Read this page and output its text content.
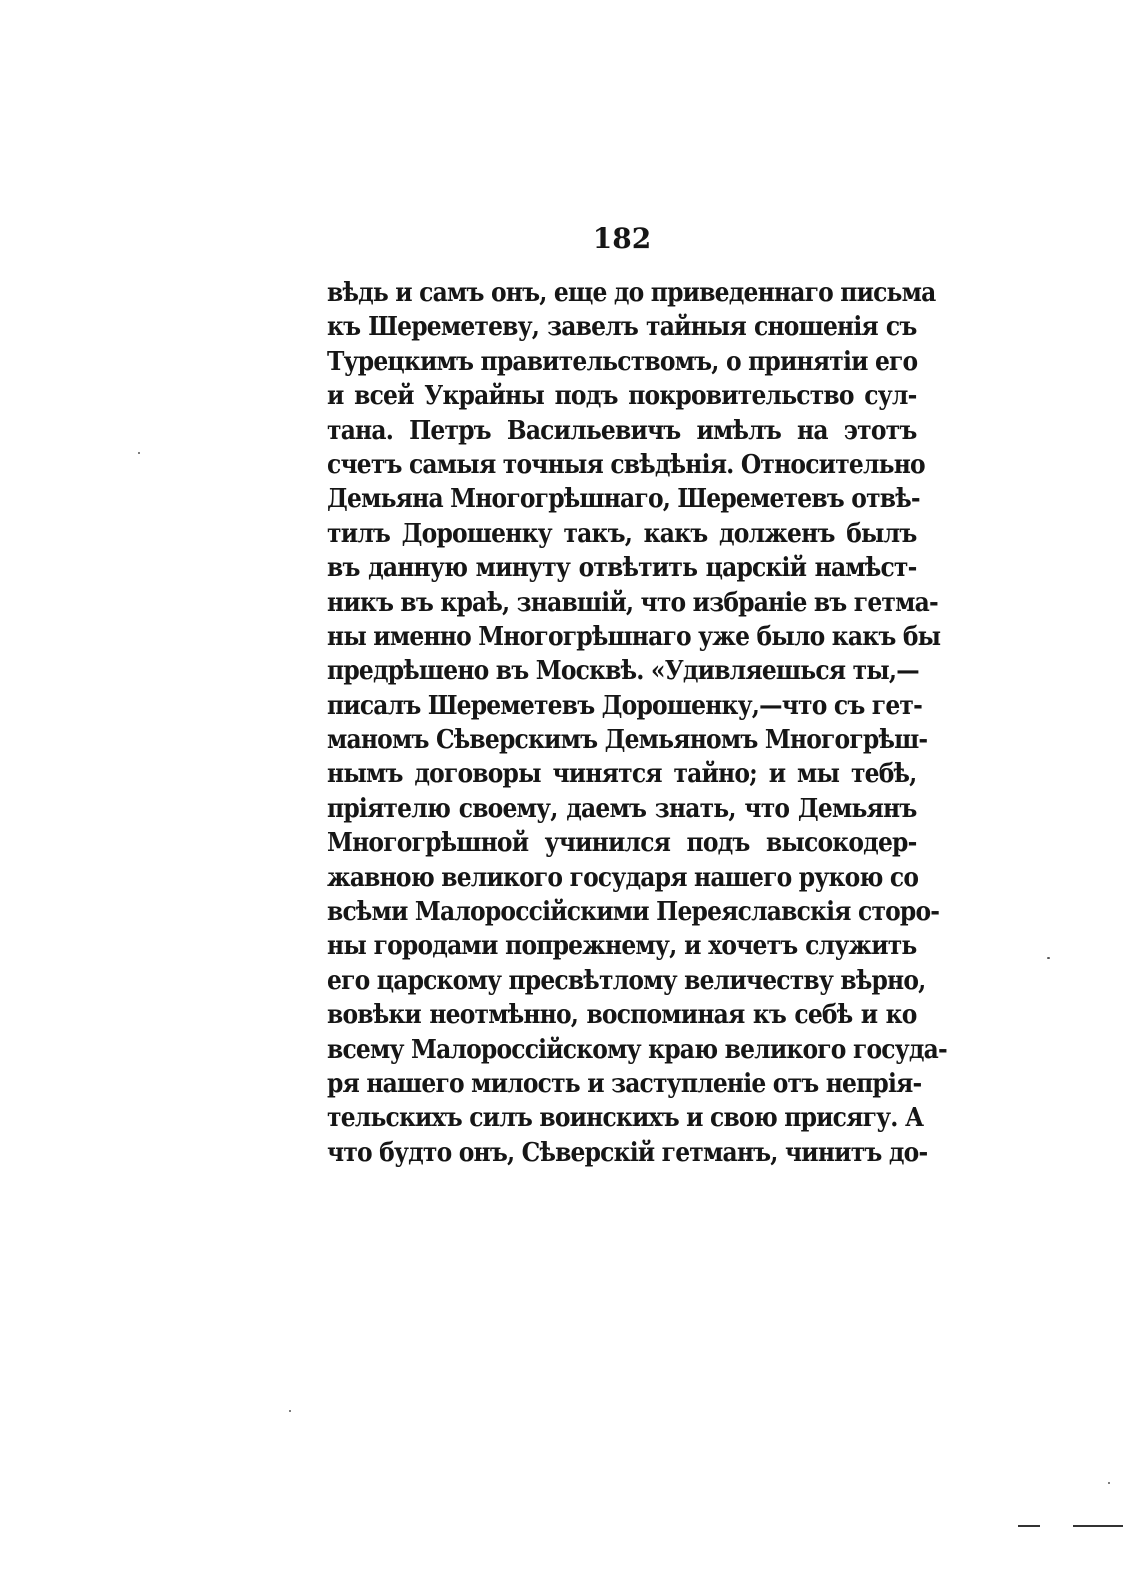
182
вѣдь и самъ онъ, еще до приведеннаго письма
къ Шереметеву, завелъ тайныя сношенія съ
Турецкимъ правительствомъ, о принятіи его
и всей Украйны подъ покровительство сул-
тана. Петръ Васильевичъ имѣлъ на этотъ
счетъ самыя точныя свѣдѣнія. Относительно
Демьяна Многогрѣшнаго, Шереметевъ отвѣ-
тилъ Дорошенку такъ, какъ долженъ былъ
въ данную минуту отвѣтить царскій намѣст-
никъ въ краѣ, знавшій, что избраніе въ гетма-
ны именно Многогрѣшнаго уже было какъ бы
предрѣшено въ Москвѣ. «Удивляешься ты,—
писалъ Шереметевъ Дорошенку,—что съ гет-
маномъ Сѣверскимъ Демьяномъ Многогрѣш-
нымъ договоры чинятся тайно; и мы тебѣ,
пріятелю своему, даемъ знать, что Демьянъ
Многогрѣшной учинился подъ высокодер-
жавною великого государя нашего рукою со
всѣми Малороссійскими Переяславскія сторо-
ны городами попрежнему, и хочетъ служить
его царскому пресвѣтлому величеству вѣрно,
вовѣки неотмѣнно, воспоминая къ себѣ и ко
всему Малороссійскому краю великого госуда-
ря нашего милость и заступленіе отъ непрія-
тельскихъ силъ воинскихъ и свою присягу. А
что будто онъ, Сѣверскій гетманъ, чинитъ до-
